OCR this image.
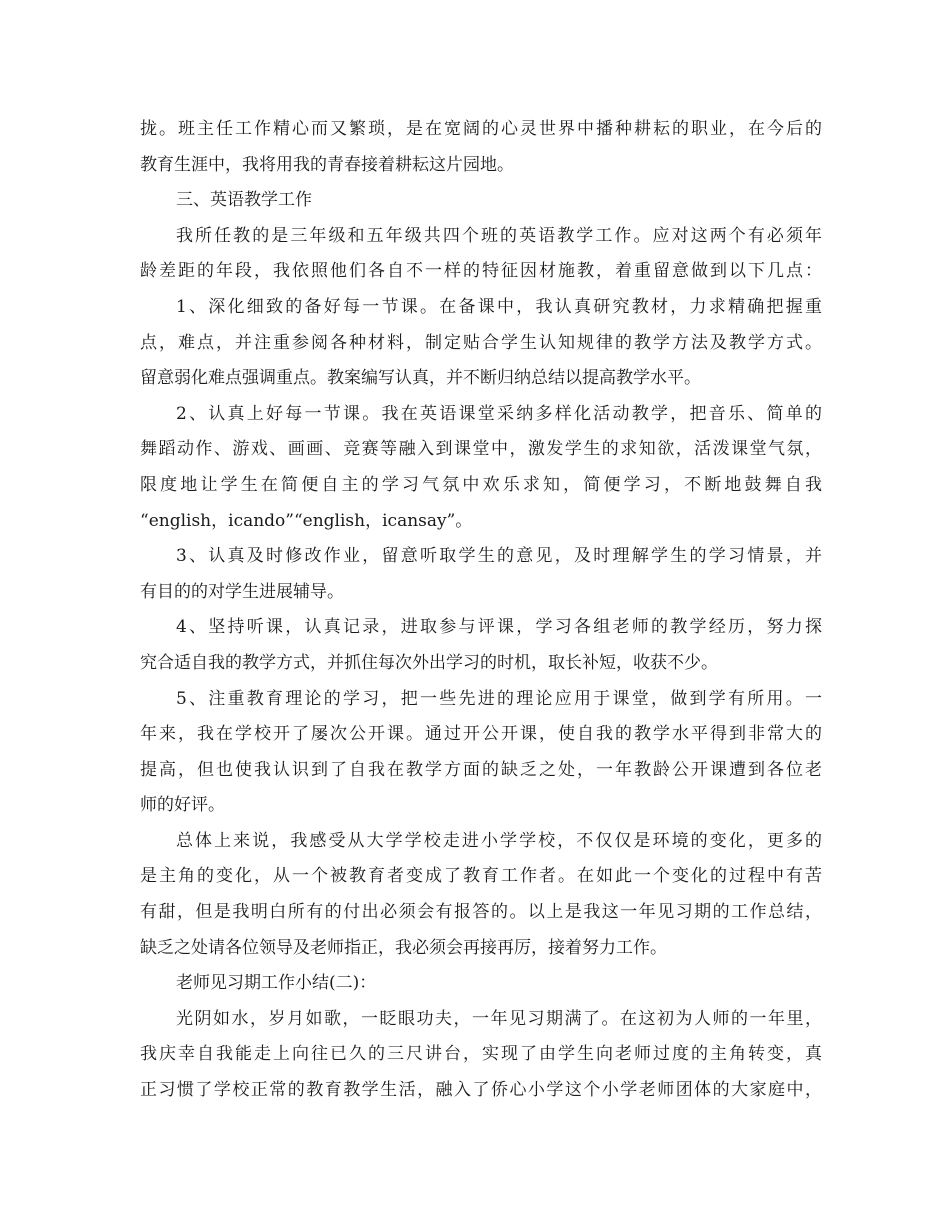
拢。班主任工作精心而又繁琐，是在宽阔的心灵世界中播种耕耘的职业，在今后的
教育生涯中，我将用我的青春接着耕耘这片园地。
三、英语教学工作
我所任教的是三年级和五年级共四个班的英语教学工作。应对这两个有必须年
龄差距的年段，我依照他们各自不一样的特征因材施教，着重留意做到以下几点：
1、深化细致的备好每一节课。在备课中，我认真研究教材，力求精确把握重
点，难点，并注重参阅各种材料，制定贴合学生认知规律的教学方法及教学方式。
留意弱化难点强调重点。教案编写认真，并不断归纳总结以提高教学水平。
2、认真上好每一节课。我在英语课堂采纳多样化活动教学，把音乐、简单的
舞蹈动作、游戏、画画、竞赛等融入到课堂中，激发学生的求知欲，活泼课堂气氛，
限度地让学生在简便自主的学习气氛中欢乐求知，简便学习，不断地鼓舞自我
“english，icando”“english，icansay”。
3、认真及时修改作业，留意听取学生的意见，及时理解学生的学习情景，并
有目的的对学生进展辅导。
4、坚持听课，认真记录，进取参与评课，学习各组老师的教学经历，努力探
究合适自我的教学方式，并抓住每次外出学习的时机，取长补短，收获不少。
5、注重教育理论的学习，把一些先进的理论应用于课堂，做到学有所用。一
年来，我在学校开了屡次公开课。通过开公开课，使自我的教学水平得到非常大的
提高，但也使我认识到了自我在教学方面的缺乏之处，一年教龄公开课遭到各位老
师的好评。
总体上来说，我感受从大学学校走进小学学校，不仅仅是环境的变化，更多的
是主角的变化，从一个被教育者变成了教育工作者。在如此一个变化的过程中有苦
有甜，但是我明白所有的付出必须会有报答的。以上是我这一年见习期的工作总结，
缺乏之处请各位领导及老师指正，我必须会再接再厉，接着努力工作。
老师见习期工作小结(二)：
光阴如水，岁月如歌，一眨眼功夫，一年见习期满了。在这初为人师的一年里，
我庆幸自我能走上向往已久的三尺讲台，实现了由学生向老师过度的主角转变，真
正习惯了学校正常的教育教学生活，融入了侨心小学这个小学老师团体的大家庭中，
